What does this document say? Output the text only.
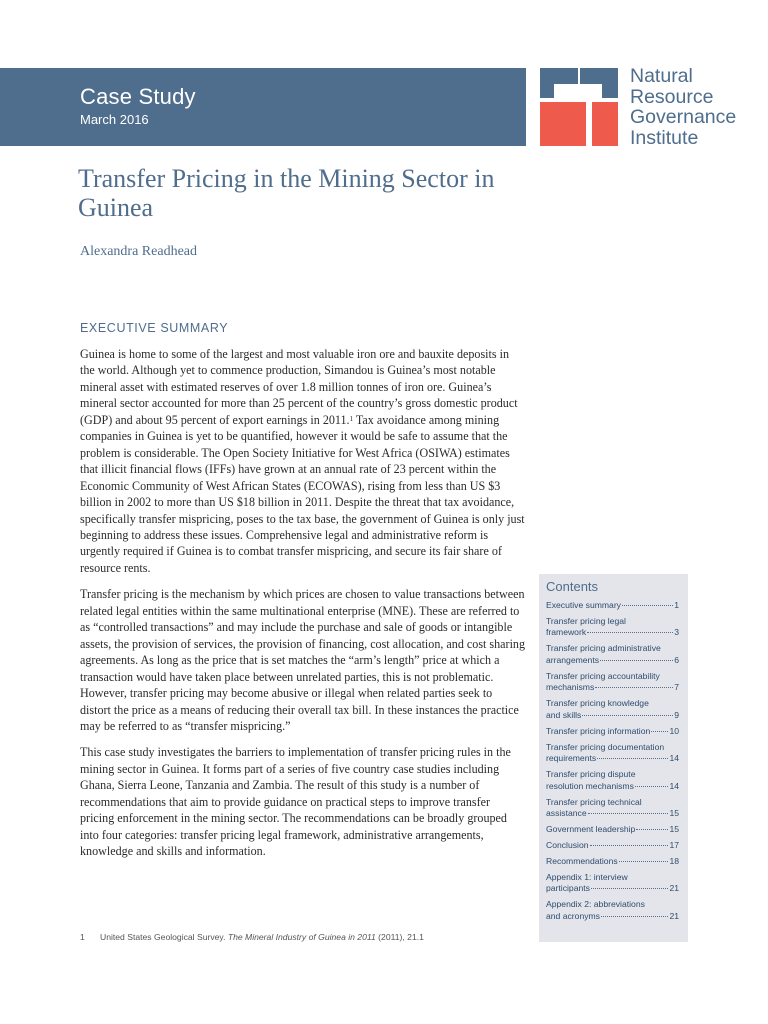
Case Study
March 2016
Natural
Resource
Governance
Institute
Transfer Pricing in the Mining Sector in Guinea
Alexandra Readhead
EXECUTIVE SUMMARY

Guinea is home to some of the largest and most valuable iron ore and bauxite deposits in the world. Although yet to commence production, Simandou is Guinea’s most notable mineral asset with estimated reserves of over 1.8 million tonnes of iron ore. Guinea’s mineral sector accounted for more than 25 percent of the country’s gross domestic product (GDP) and about 95 percent of export earnings in 2011.$^1$ Tax avoidance among mining companies in Guinea is yet to be quantified, however it would be safe to assume that the problem is considerable. The Open Society Initiative for West Africa (OSIWA) estimates that illicit financial flows (IFFs) have grown at an annual rate of 23 percent within the Economic Community of West African States (ECOWAS), rising from less than US $3 billion in 2002 to more than US $18 billion in 2011. Despite the threat that tax avoidance, specifically transfer mispricing, poses to the tax base, the government of Guinea is only just beginning to address these issues. Comprehensive legal and administrative reform is urgently required if Guinea is to combat transfer mispricing, and secure its fair share of resource rents.

Transfer pricing is the mechanism by which prices are chosen to value transactions between related legal entities within the same multinational enterprise (MNE). These are referred to as “controlled transactions” and may include the purchase and sale of goods or intangible assets, the provision of services, the provision of financing, cost allocation, and cost sharing agreements. As long as the price that is set matches the “arm’s length” price at which a transaction would have taken place between unrelated parties, this is not problematic. However, transfer pricing may become abusive or illegal when related parties seek to distort the price as a means of reducing their overall tax bill. In these instances the practice may be referred to as “transfer mispricing.”

This case study investigates the barriers to implementation of transfer pricing rules in the mining sector in Guinea. It forms part of a series of five country case studies including Ghana, Sierra Leone, Tanzania and Zambia. The result of this study is a number of recommendations that aim to provide guidance on practical steps to improve transfer pricing enforcement in the mining sector. The recommendations can be broadly grouped into four categories: transfer pricing legal framework, administrative arrangements, knowledge and skills and information.

Contents
Executive summary	1
Transfer pricing legal
framework	3
Transfer pricing administrative
arrangements	6
Transfer pricing accountability
mechanisms	7
Transfer pricing knowledge
and skills	9
Transfer pricing information 10
Transfer pricing documentation
requirements	14
Transfer pricing dispute
resolution mechanisms	14
Transfer pricing technical
assistance	15
Government leadership	15
Conclusion	17
Recommendations	18
Appendix 1: interview
participants	21
Appendix 2: abbreviations
and acronyms	21
1 United States Geological Survey. The Mineral Industry of Guinea in 2011 (2011), 21.1
